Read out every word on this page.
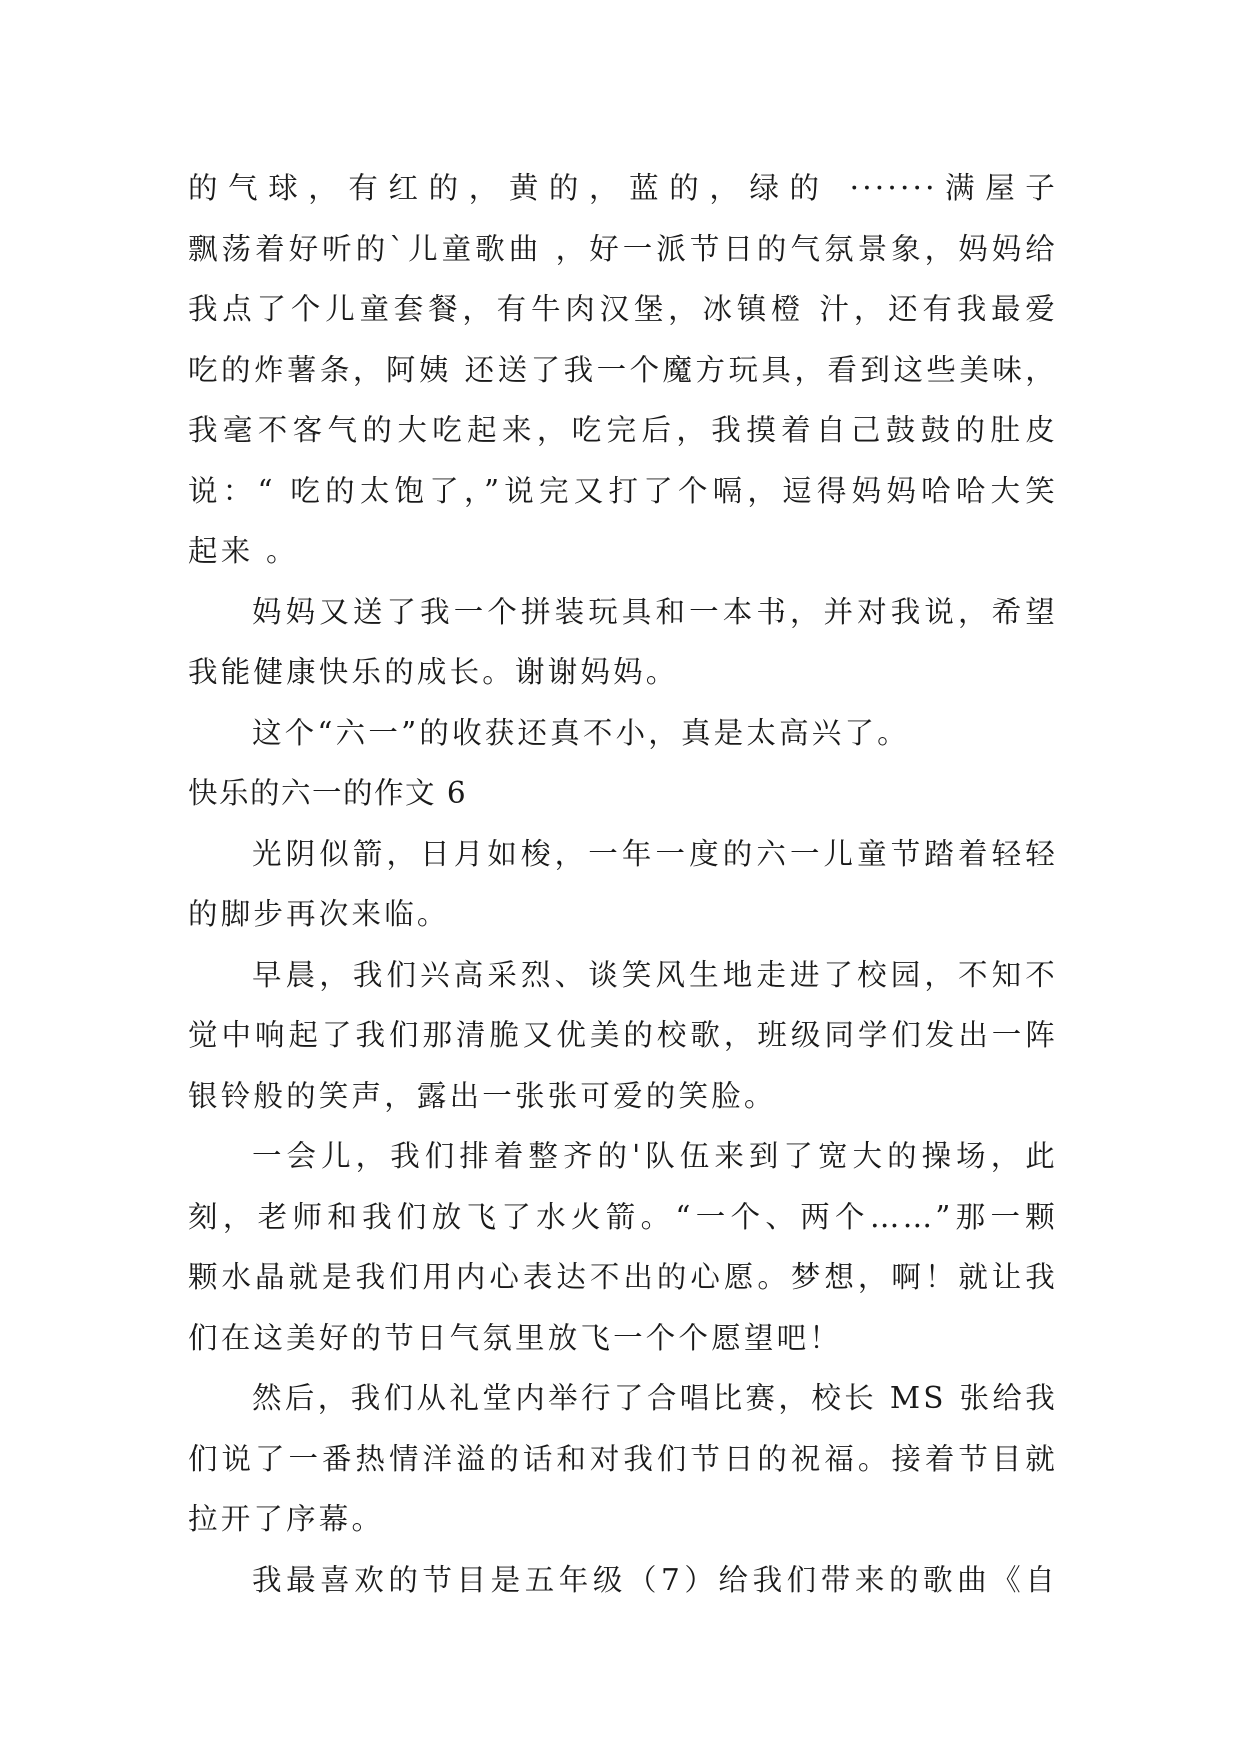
的气球，有红的，黄的，蓝的，绿的 ·······满屋子
飘荡着好听的`儿童歌曲 ，好一派节日的气氛景象，妈妈给
我点了个儿童套餐，有牛肉汉堡，冰镇橙 汁，还有我最爱
吃的炸薯条，阿姨 还送了我一个魔方玩具，看到这些美味，
我毫不客气的大吃起来，吃完后，我摸着自己鼓鼓的肚皮
说：“ 吃的太饱了，”说完又打了个嗝，逗得妈妈哈哈大笑
起来 。
妈妈又送了我一个拼装玩具和一本书，并对我说，希望
我能健康快乐的成长。谢谢妈妈。
这个“六一”的收获还真不小，真是太高兴了。
快乐的六一的作文 6
光阴似箭，日月如梭，一年一度的六一儿童节踏着轻轻
的脚步再次来临。
早晨，我们兴高采烈、谈笑风生地走进了校园，不知不
觉中响起了我们那清脆又优美的校歌，班级同学们发出一阵
银铃般的笑声，露出一张张可爱的笑脸。
一会儿，我们排着整齐的'队伍来到了宽大的操场，此
刻，老师和我们放飞了水火箭。“一个、两个……”那一颗
颗水晶就是我们用内心表达不出的心愿。梦想，啊！就让我
们在这美好的节日气氛里放飞一个个愿望吧！
然后，我们从礼堂内举行了合唱比赛，校长 MS 张给我
们说了一番热情洋溢的话和对我们节日的祝福。接着节目就
拉开了序幕。
我最喜欢的节目是五年级（7）给我们带来的歌曲《自
